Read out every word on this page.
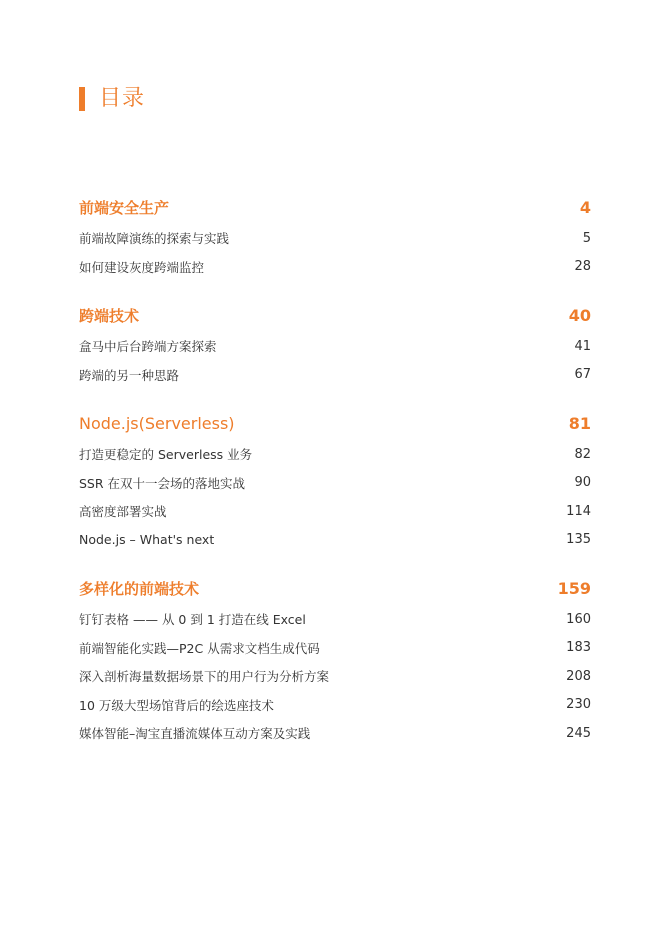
目录
前端安全生产	4
前端故障演练的探索与实践	5
如何建设灰度跨端监控	28
跨端技术	40
盒马中后台跨端方案探索	41
跨端的另一种思路	67
Node.js(Serverless)	81
打造更稳定的 Serverless 业务	82
SSR 在双十一会场的落地实战	90
高密度部署实战	114
Node.js – What's next	135
多样化的前端技术	159
钉钉表格 —— 从 0 到 1 打造在线 Excel	160
前端智能化实践—P2C 从需求文档生成代码	183
深入剖析海量数据场景下的用户行为分析方案	208
10 万级大型场馆背后的绘选座技术	230
媒体智能–淘宝直播流媒体互动方案及实践	245
